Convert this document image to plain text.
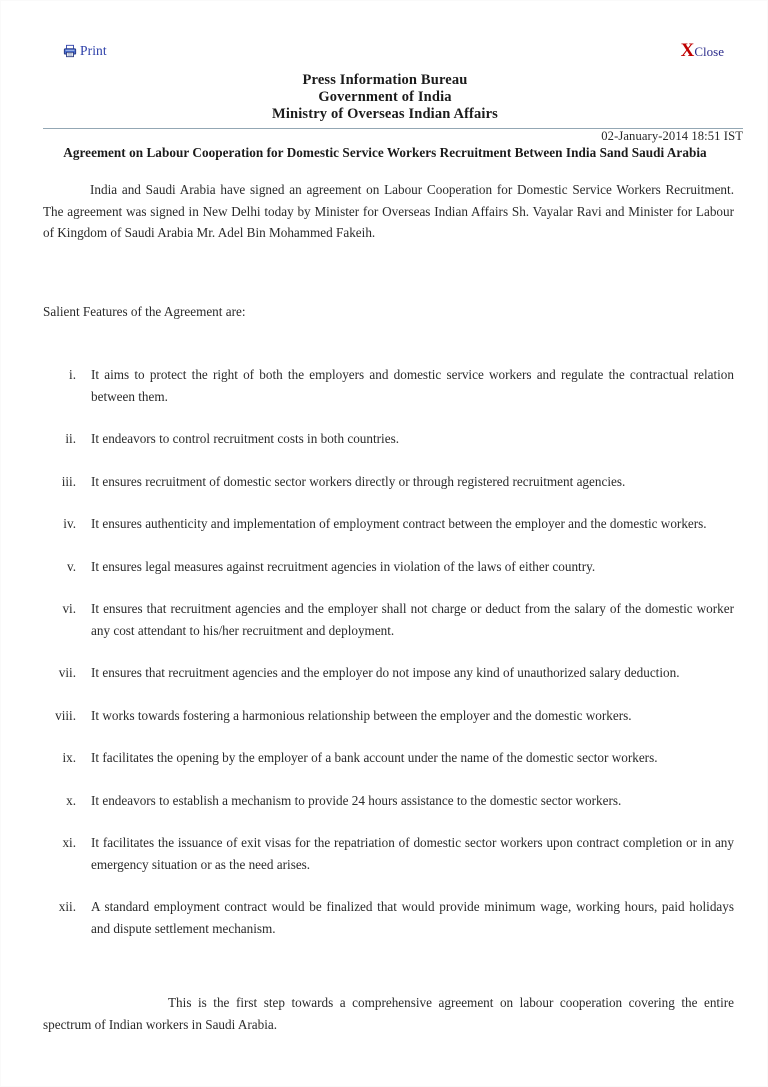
Print	X Close
Press Information Bureau
Government of India
Ministry of Overseas Indian Affairs
02-January-2014 18:51 IST
Agreement on Labour Cooperation for Domestic Service Workers Recruitment Between India Sand Saudi Arabia

India and Saudi Arabia have signed an agreement on Labour Cooperation for Domestic Service Workers Recruitment. The agreement was signed in New Delhi today by Minister for Overseas Indian Affairs Sh. Vayalar Ravi and Minister for Labour of Kingdom of Saudi Arabia Mr. Adel Bin Mohammed Fakeih.

Salient Features of the Agreement are:

i. It aims to protect the right of both the employers and domestic service workers and regulate the contractual relation between them.
ii. It endeavors to control recruitment costs in both countries.
iii. It ensures recruitment of domestic sector workers directly or through registered recruitment agencies.
iv. It ensures authenticity and implementation of employment contract between the employer and the domestic workers.
v. It ensures legal measures against recruitment agencies in violation of the laws of either country.
vi. It ensures that recruitment agencies and the employer shall not charge or deduct from the salary of the domestic worker any cost attendant to his/her recruitment and deployment.
vii. It ensures that recruitment agencies and the employer do not impose any kind of unauthorized salary deduction.
viii. It works towards fostering a harmonious relationship between the employer and the domestic workers.
ix. It facilitates the opening by the employer of a bank account under the name of the domestic sector workers.
x. It endeavors to establish a mechanism to provide 24 hours assistance to the domestic sector workers.
xi. It facilitates the issuance of exit visas for the repatriation of domestic sector workers upon contract completion or in any emergency situation or as the need arises.
xii. A standard employment contract would be finalized that would provide minimum wage, working hours, paid holidays and dispute settlement mechanism.

This is the first step towards a comprehensive agreement on labour cooperation covering the entire spectrum of Indian workers in Saudi Arabia.
